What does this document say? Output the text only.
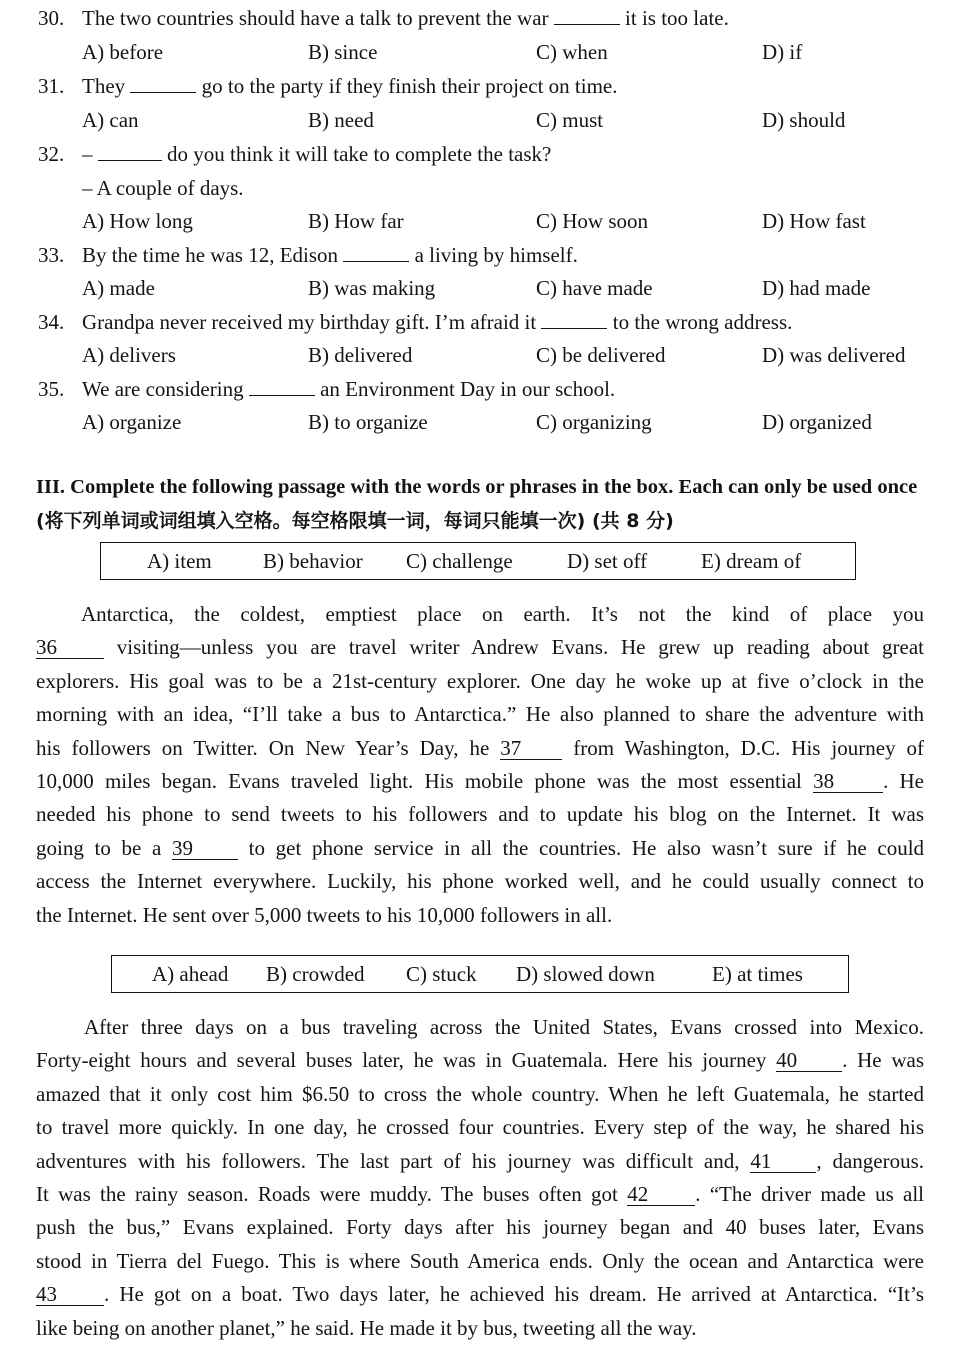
30. The two countries should have a talk to prevent the war	it is too late.
A) before	B) since	C) when	D) if
31. They	go to the party if they finish their project on time.
A) can	B) need	C) must	D) should
32. –	do you think it will take to complete the task?
– A couple of days.
A) How long	B) How far	C) How soon	D) How fast
33. By the time he was 12, Edison	a living by himself.
A) made	B) was making	C) have made	D) had made
34. Grandpa never received my birthday gift. I’m afraid it	to the wrong address.
A) delivers	B) delivered	C) be delivered	D) was delivered
35. We are considering	an Environment Day in our school.
A) organize	B) to organize	C) organizing	D) organized
III. Complete the following passage with the words or phrases in the box. Each can only be used once (将下列单词或词组填入空格。每空格限填一词，每词只能填一次) (共 8 分)
A) item B) behavior C) challenge	D) set off	E) dream of
Antarctica, the coldest, emptiest place on earth. It’s not the kind of place you
36	visiting—unless you are travel writer Andrew Evans. He grew up reading about great
explorers. His goal was to be a 21st-century explorer. One day he woke up at five o’clock in the
morning with an idea, “I’ll take a bus to Antarctica.” He also planned to share the adventure with
his followers on Twitter. On New Year’s Day, he 37 from Washington, D.C. His journey of
10,000 miles began. Evans traveled light. His mobile phone was the most essential 38 . He
needed his phone to send tweets to his followers and to update his blog on the Internet. It was
going to be a 39	to get phone service in all the countries. He also wasn’t sure if he could
access the Internet everywhere. Luckily, his phone worked well, and he could usually connect to
the Internet. He sent over 5,000 tweets to his 10,000 followers in all.
A) ahead B) crowded C) stuck D) slowed down	E) at times
After three days on a bus traveling across the United States, Evans crossed into Mexico.
Forty-eight hours and several buses later, he was in Guatemala. Here his journey 40 . He was
amazed that it only cost him $6.50 to cross the whole country. When he left Guatemala, he started
to travel more quickly. In one day, he crossed four countries. Every step of the way, he shared his
adventures with his followers. The last part of his journey was difficult and, 41 , dangerous.
It was the rainy season. Roads were muddy. The buses often got 42 . “The driver made us all
push the bus,” Evans explained. Forty days after his journey began and 40 buses later, Evans
stood in Tierra del Fuego. This is where South America ends. Only the ocean and Antarctica were
43 . He got on a boat. Two days later, he achieved his dream. He arrived at Antarctica. “It’s
like being on another planet,” he said. He made it by bus, tweeting all the way.
